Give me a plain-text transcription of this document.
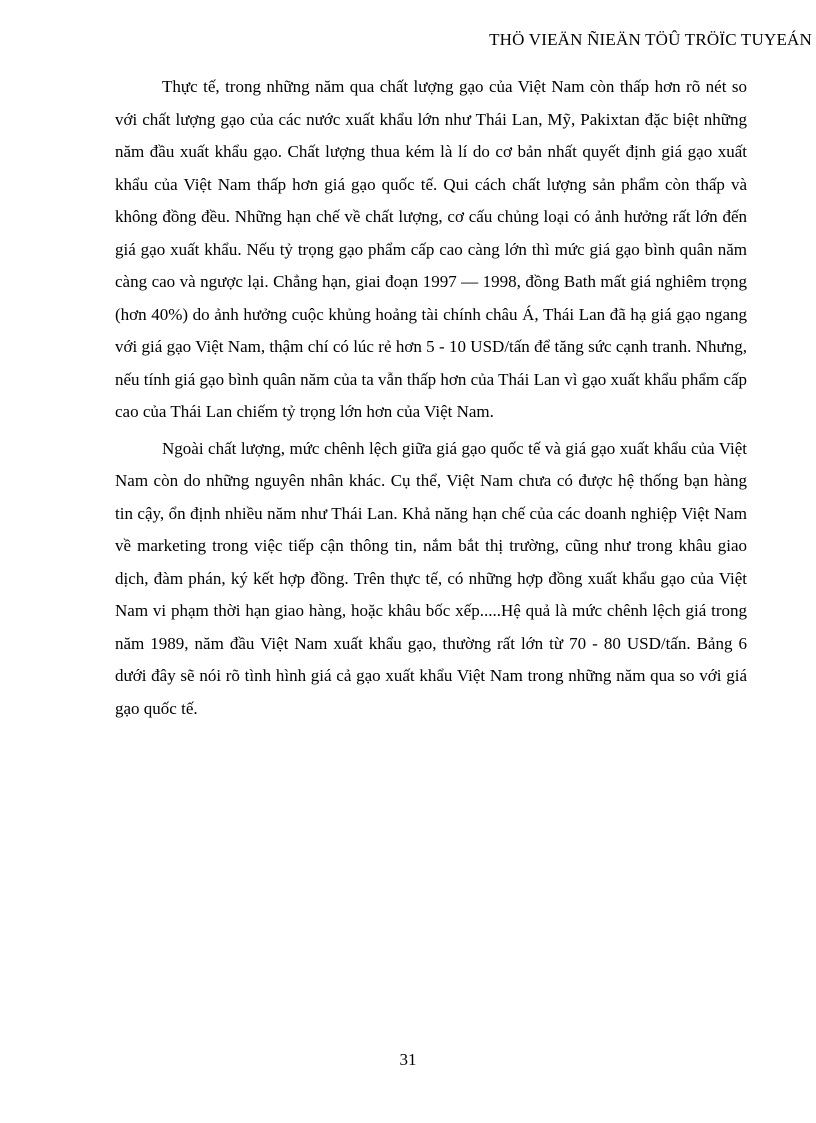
THÖ VIEÄN ÑIEÄN TÖÛ TRÖÏC TUYEÁN

Thực tế, trong những năm qua chất lượng gạo của Việt Nam còn thấp hơn rõ nét so với chất lượng gạo của các nước xuất khẩu lớn như Thái Lan, Mỹ, Pakixtan đặc biệt những năm đầu xuất khẩu gạo. Chất lượng thua kém là lí do cơ bản nhất quyết định giá gạo xuất khẩu của Việt Nam thấp hơn giá gạo quốc tế. Qui cách chất lượng sản phẩm còn thấp và không đồng đều. Những hạn chế về chất lượng, cơ cấu chủng loại có ảnh hưởng rất lớn đến giá gạo xuất khẩu. Nếu tỷ trọng gạo phẩm cấp cao càng lớn thì mức giá gạo bình quân năm càng cao và ngược lại. Chẳng hạn, giai đoạn 1997 — 1998, đồng Bath mất giá nghiêm trọng (hơn 40%) do ảnh hưởng cuộc khủng hoảng tài chính châu Á, Thái Lan đã hạ giá gạo ngang với giá gạo Việt Nam, thậm chí có lúc rẻ hơn 5 - 10 USD/tấn để tăng sức cạnh tranh. Nhưng, nếu tính giá gạo bình quân năm của ta vẫn thấp hơn của Thái Lan vì gạo xuất khẩu phẩm cấp cao của Thái Lan chiếm tỷ trọng lớn hơn của Việt Nam.

Ngoài chất lượng, mức chênh lệch giữa giá gạo quốc tế và giá gạo xuất khẩu của Việt Nam còn do những nguyên nhân khác. Cụ thể, Việt Nam chưa có được hệ thống bạn hàng tin cậy, ổn định nhiều năm như Thái Lan. Khả năng hạn chế của các doanh nghiệp Việt Nam về marketing trong việc tiếp cận thông tin, nắm bắt thị trường, cũng như trong khâu giao dịch, đàm phán, ký kết hợp đồng. Trên thực tế, có những hợp đồng xuất khẩu gạo của Việt Nam vi phạm thời hạn giao hàng, hoặc khâu bốc xếp.....Hệ quả là mức chênh lệch giá trong năm 1989, năm đầu Việt Nam xuất khẩu gạo, thường rất lớn từ 70 - 80 USD/tấn. Bảng 6 dưới đây sẽ nói rõ tình hình giá cả gạo xuất khẩu Việt Nam trong những năm qua so với giá gạo quốc tế.

31
